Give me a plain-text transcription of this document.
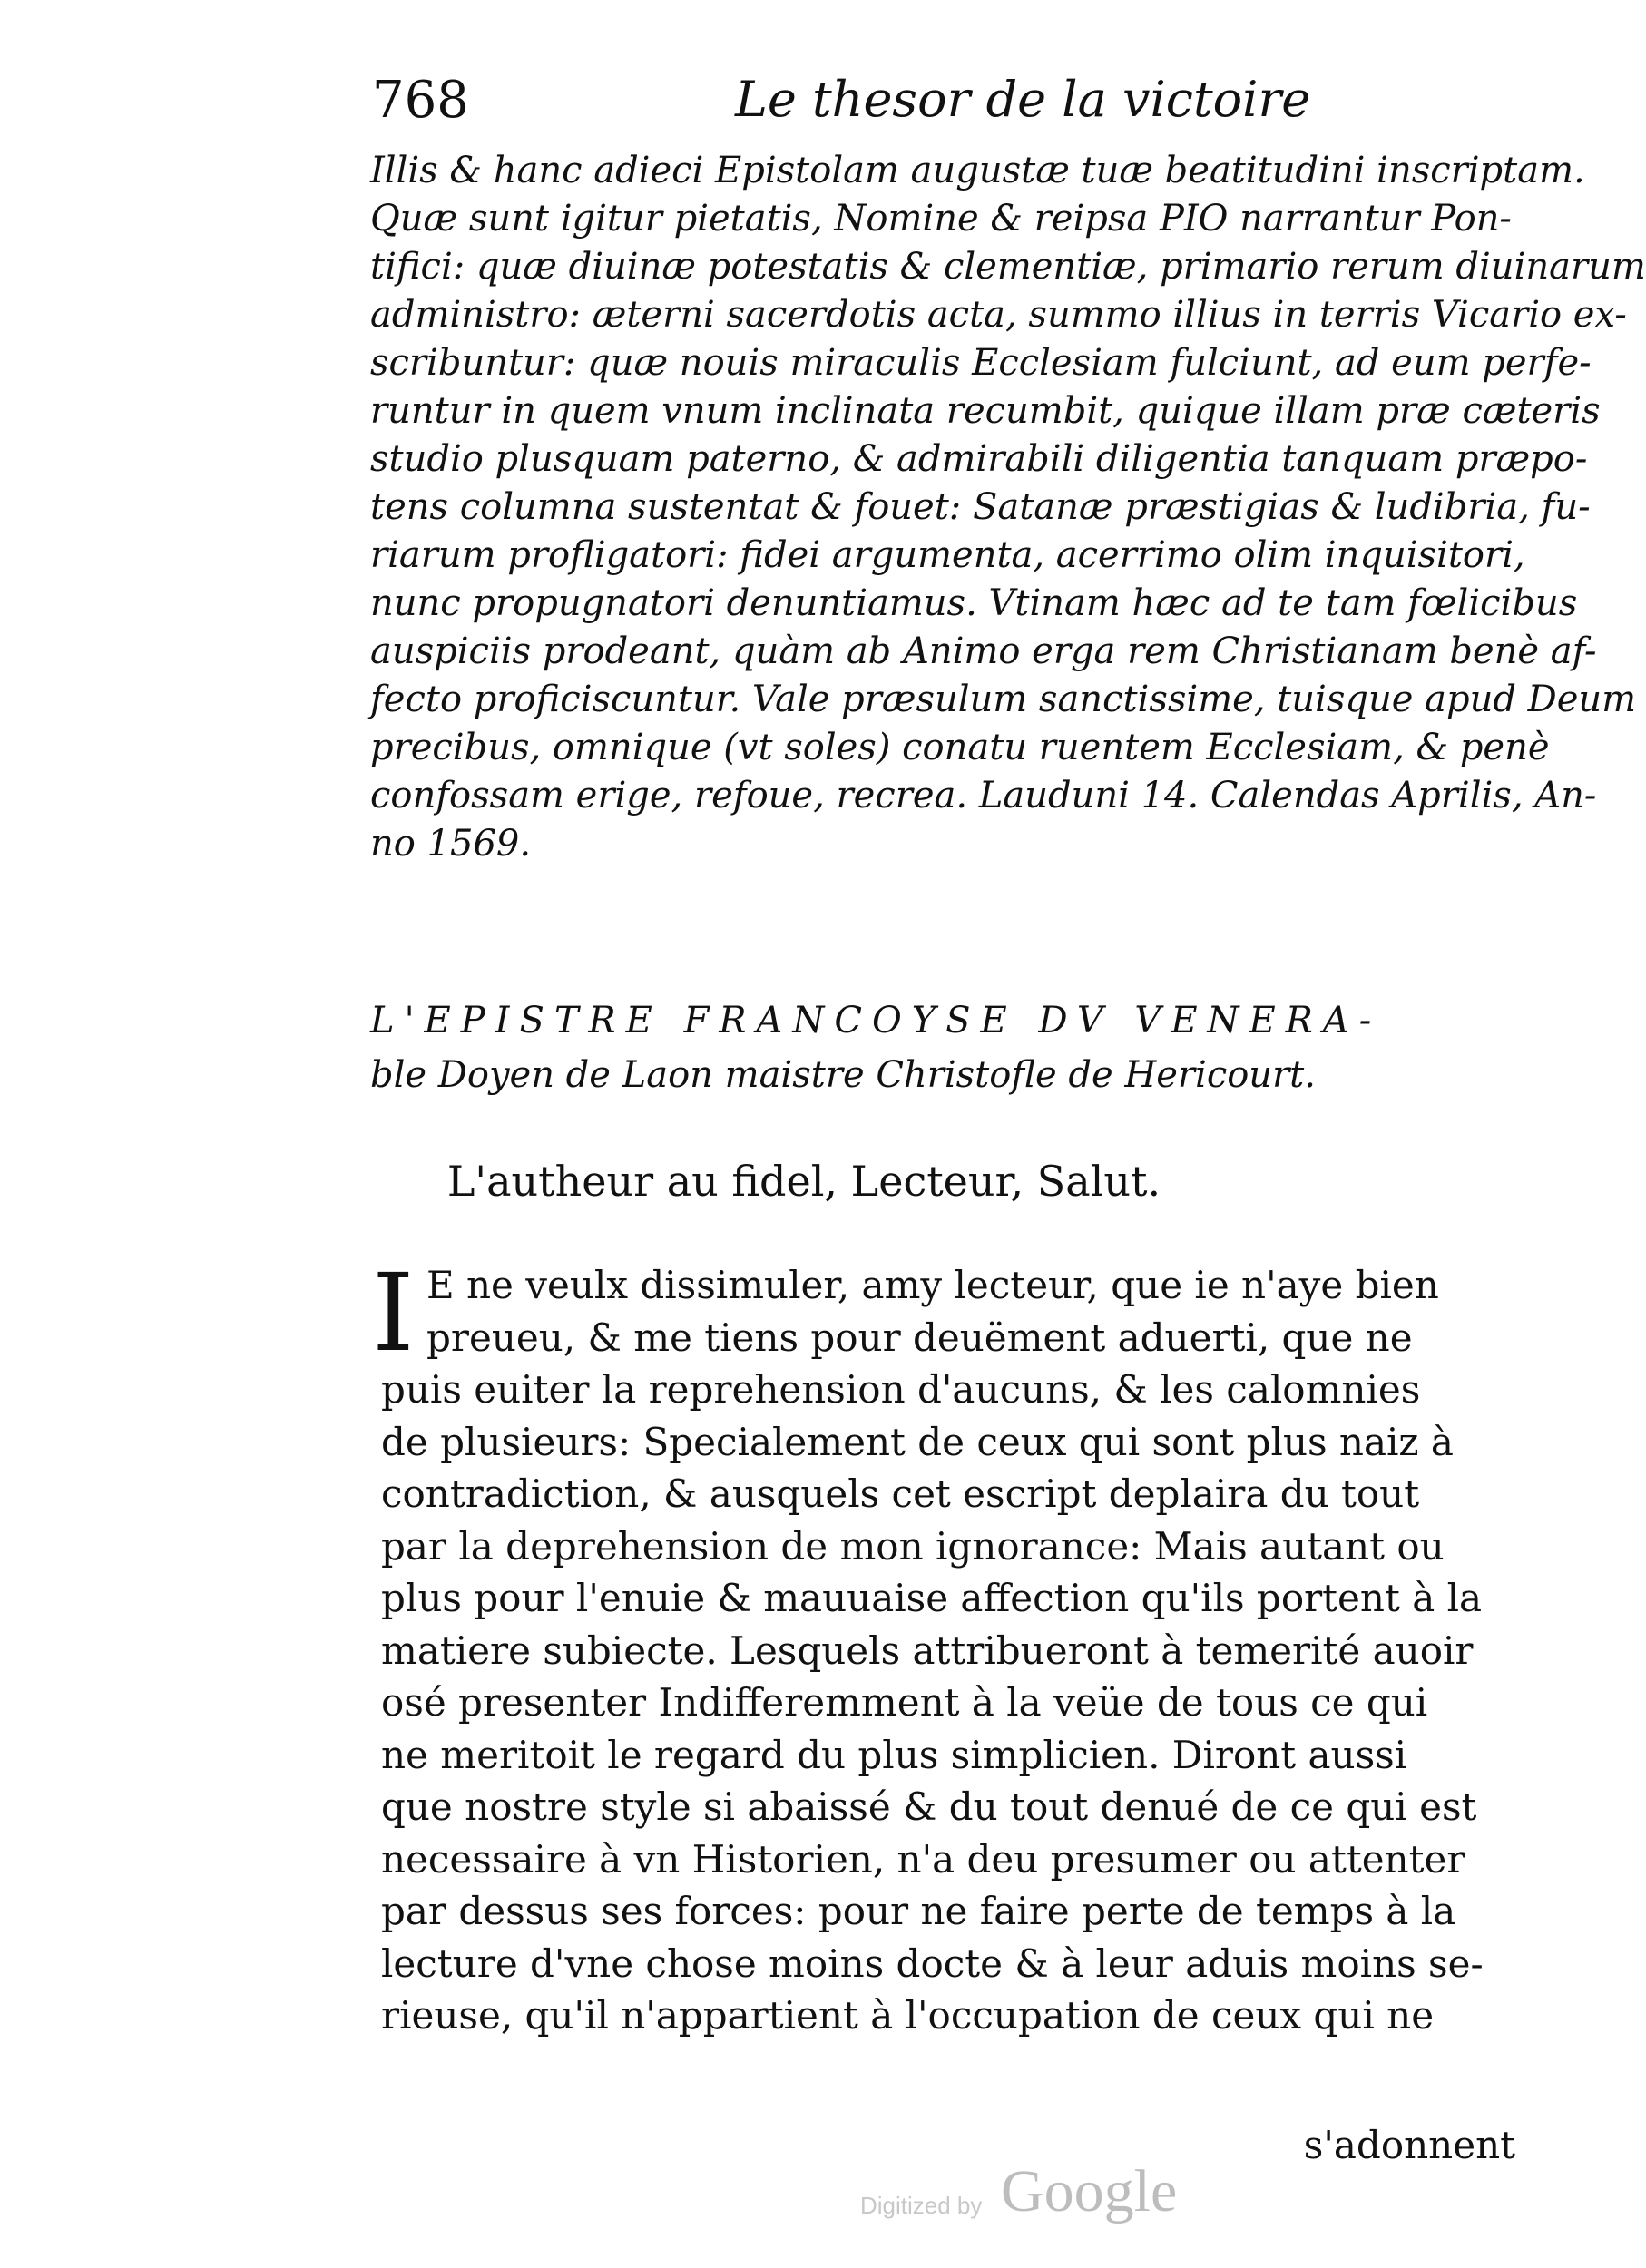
768	Le thesor de la victoire
Illis & hanc adieci Epistolam augustæ tuæ beatitudini inscriptam.
Quæ sunt igitur pietatis, Nomine & reipsa PIO narrantur Pon-
tifici: quæ diuinæ potestatis & clementiæ, primario rerum diuinarum
administro: æterni sacerdotis acta, summo illius in terris Vicario ex-
scribuntur: quæ nouis miraculis Ecclesiam fulciunt, ad eum perfe-
runtur in quem vnum inclinata recumbit, quique illam præ cæteris
studio plusquam paterno, & admirabili diligentia tanquam præpo-
tens columna sustentat & fouet: Satanæ præstigias & ludibria, fu-
riarum profligatori: fidei argumenta, acerrimo olim inquisitori,
nunc propugnatori denuntiamus. Vtinam hæc ad te tam fœlicibus
auspiciis prodeant, quàm ab Animo erga rem Christianam benè af-
fecto proficiscuntur. Vale præsulum sanctissime, tuisque apud Deum
precibus, omnique (vt soles) conatu ruentem Ecclesiam, & penè
confossam erige, refoue, recrea. Lauduni 14. Calendas Aprilis, An-
no 1569.
L'EPISTRE FRANCOYSE DV VENERA-
ble Doyen de Laon maistre Christofle de Hericourt.
L'autheur au fidel, Lecteur, Salut.
I E ne veulx dissimuler, amy lecteur, que ie n'aye bien
preueu, & me tiens pour deuëment aduerti, que ne
puis euiter la reprehension d'aucuns, & les calomnies
de plusieurs: Specialement de ceux qui sont plus naiz à
contradiction, & ausquels cet escript deplaira du tout
par la deprehension de mon ignorance: Mais autant ou
plus pour l'enuie & mauuaise affection qu'ils portent à la
matiere subiecte. Lesquels attribueront à temerité auoir
osé presenter Indifferemment à la veüe de tous ce qui
ne meritoit le regard du plus simplicien. Diront aussi
que nostre style si abaissé & du tout denué de ce qui est
necessaire à vn Historien, n'a deu presumer ou attenter
par dessus ses forces: pour ne faire perte de temps à la
lecture d'vne chose moins docte & à leur aduis moins se-
rieuse, qu'il n'appartient à l'occupation de ceux qui ne
s'adonnent
Digitized by Google
